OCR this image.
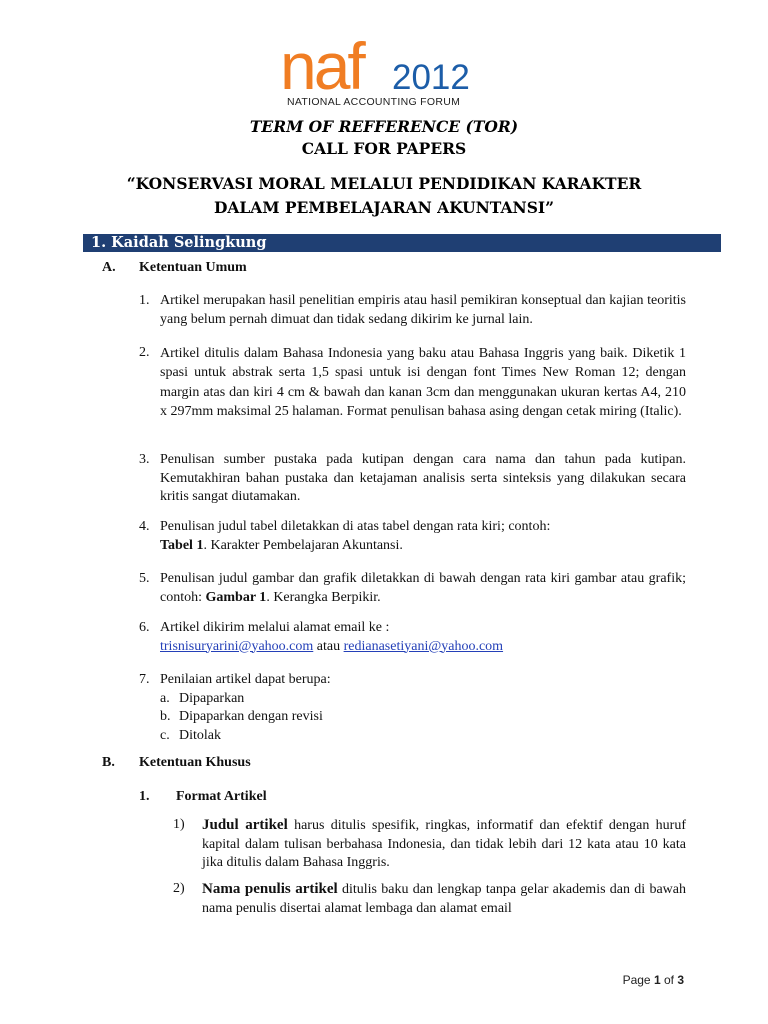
naf 2012
NATIONAL ACCOUNTING FORUM
TERM OF REFFERENCE (TOR)
CALL FOR PAPERS
“KONSERVASI MORAL MELALUI PENDIDIKAN KARAKTER
DALAM PEMBELAJARAN AKUNTANSI”
1. Kaidah Selingkung
A. Ketentuan Umum
1. Artikel merupakan hasil penelitian empiris atau hasil pemikiran konseptual dan kajian teoritis yang belum pernah dimuat dan tidak sedang dikirim ke jurnal lain.
2. Artikel ditulis dalam Bahasa Indonesia yang baku atau Bahasa Inggris yang baik. Diketik 1 spasi untuk abstrak serta 1,5 spasi untuk isi dengan font Times New Roman 12; dengan margin atas dan kiri 4 cm & bawah dan kanan 3cm dan menggunakan ukuran kertas A4, 210 x 297mm maksimal 25 halaman. Format penulisan bahasa asing dengan cetak miring (Italic).
3. Penulisan sumber pustaka pada kutipan dengan cara nama dan tahun pada kutipan. Kemutakhiran bahan pustaka dan ketajaman analisis serta sinteksis yang dilakukan secara kritis sangat diutamakan.
4. Penulisan judul tabel diletakkan di atas tabel dengan rata kiri; contoh:
Tabel 1. Karakter Pembelajaran Akuntansi.
5. Penulisan judul gambar dan grafik diletakkan di bawah dengan rata kiri gambar atau grafik; contoh: Gambar 1. Kerangka Berpikir.
6. Artikel dikirim melalui alamat email ke :
trisnisuryarini@yahoo.com atau redianasetiyani@yahoo.com
7. Penilaian artikel dapat berupa:
a. Dipaparkan
b. Dipaparkan dengan revisi
c. Ditolak
B. Ketentuan Khusus
1. Format Artikel
1) Judul artikel harus ditulis spesifik, ringkas, informatif dan efektif dengan huruf kapital dalam tulisan berbahasa Indonesia, dan tidak lebih dari 12 kata atau 10 kata jika ditulis dalam Bahasa Inggris.
2) Nama penulis artikel ditulis baku dan lengkap tanpa gelar akademis dan di bawah nama penulis disertai alamat lembaga dan alamat email
Page 1 of 3
